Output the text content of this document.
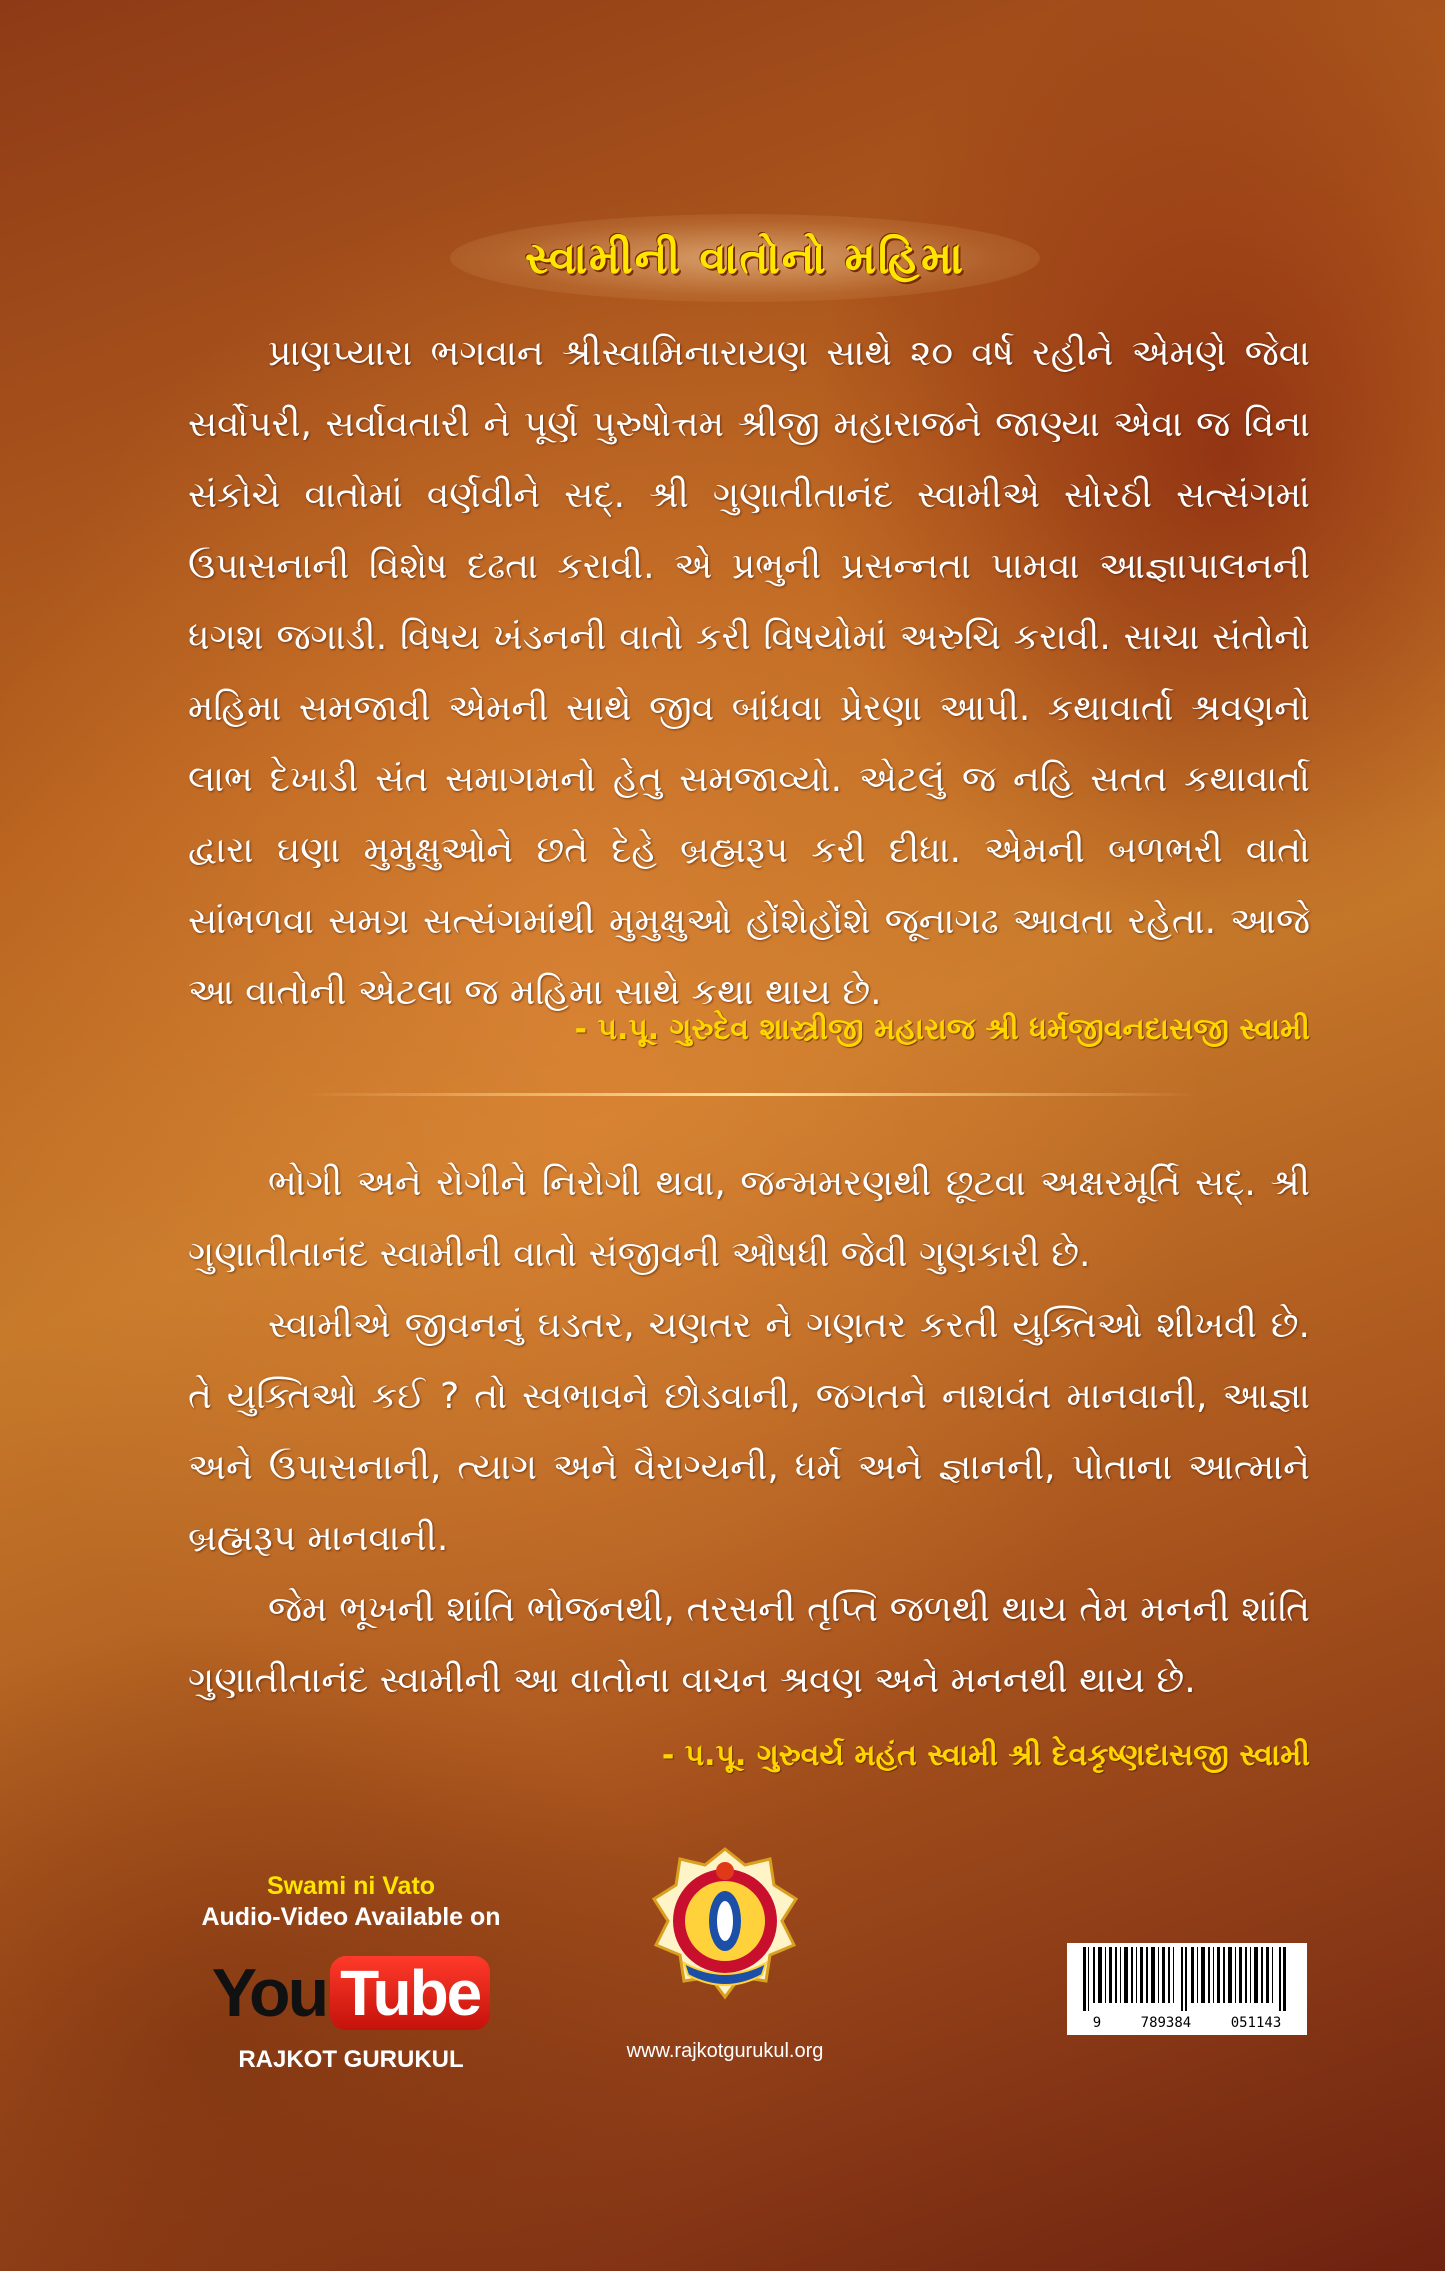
સ્વામીની વાતોનો મહિમા

પ્રાણપ્યારા ભગવાન શ્રીસ્વામિનારાયણ સાથે ૨૦ વર્ષ રહીને એમણે જેવા સર્વોપરી, સર્વાવતારી ને પૂર્ણ પુરુષોત્તમ શ્રીજી મહારાજને જાણ્યા એવા જ વિના સંકોચે વાતોમાં વર્ણવીને સદ્. શ્રી ગુણાતીતાનંદ સ્વામીએ સોરઠી સત્સંગમાં ઉપાસનાની વિશેષ દઢતા કરાવી. એ પ્રભુની પ્રસન્નતા પામવા આજ્ઞાપાલનની ધગશ જગાડી. વિષય ખંડનની વાતો કરી વિષયોમાં અરુચિ કરાવી. સાચા સંતોનો મહિમા સમજાવી એમની સાથે જીવ બાંધવા પ્રેરણા આપી. કથાવાર્તા શ્રવણનો લાભ દેખાડી સંત સમાગમનો હેતુ સમજાવ્યો. એટલું જ નહિ સતત કથાવાર્તા દ્વારા ઘણા મુમુક્ષુઓને છતે દેહે બ્રહ્મરૂપ કરી દીધા. એમની બળભરી વાતો સાંભળવા સમગ્ર સત્સંગમાંથી મુમુક્ષુઓ હોંશેહોંશે જૂનાગઢ આવતા રહેતા. આજે આ વાતોની એટલા જ મહિમા સાથે કથા થાય છે.

- પ.પૂ. ગુરુદેવ શાસ્ત્રીજી મહારાજ શ્રી ધર્મજીવનદાસજી સ્વામી

ભોગી અને રોગીને નિરોગી થવા, જન્મમરણથી છૂટવા અક્ષરમૂર્તિ સદ્. શ્રી ગુણાતીતાનંદ સ્વામીની વાતો સંજીવની ઔષધી જેવી ગુણકારી છે.

સ્વામીએ જીવનનું ઘડતર, ચણતર ને ગણતર કરતી યુક્તિઓ શીખવી છે. તે યુક્તિઓ કઈ ? તો સ્વભાવને છોડવાની, જગતને નાશવંત માનવાની, આજ્ઞા અને ઉપાસનાની, ત્યાગ અને વૈરાગ્યની, ધર્મ અને જ્ઞાનની, પોતાના આત્માને બ્રહ્મરૂપ માનવાની.

જેમ ભૂખની શાંતિ ભોજનથી, તરસની તૃપ્તિ જળથી થાય તેમ મનની શાંતિ ગુણાતીતાનંદ સ્વામીની આ વાતોના વાચન શ્રવણ અને મનનથી થાય છે.

- પ.પૂ. ગુરુવર્ય મહંત સ્વામી શ્રી દેવકૃષ્ણદાસજી સ્વામી
Swami ni Vato
Audio-Video Available on
You Tube
RAJKOT GURUKUL	www.rajkotgurukul.org
9	789384	051143
